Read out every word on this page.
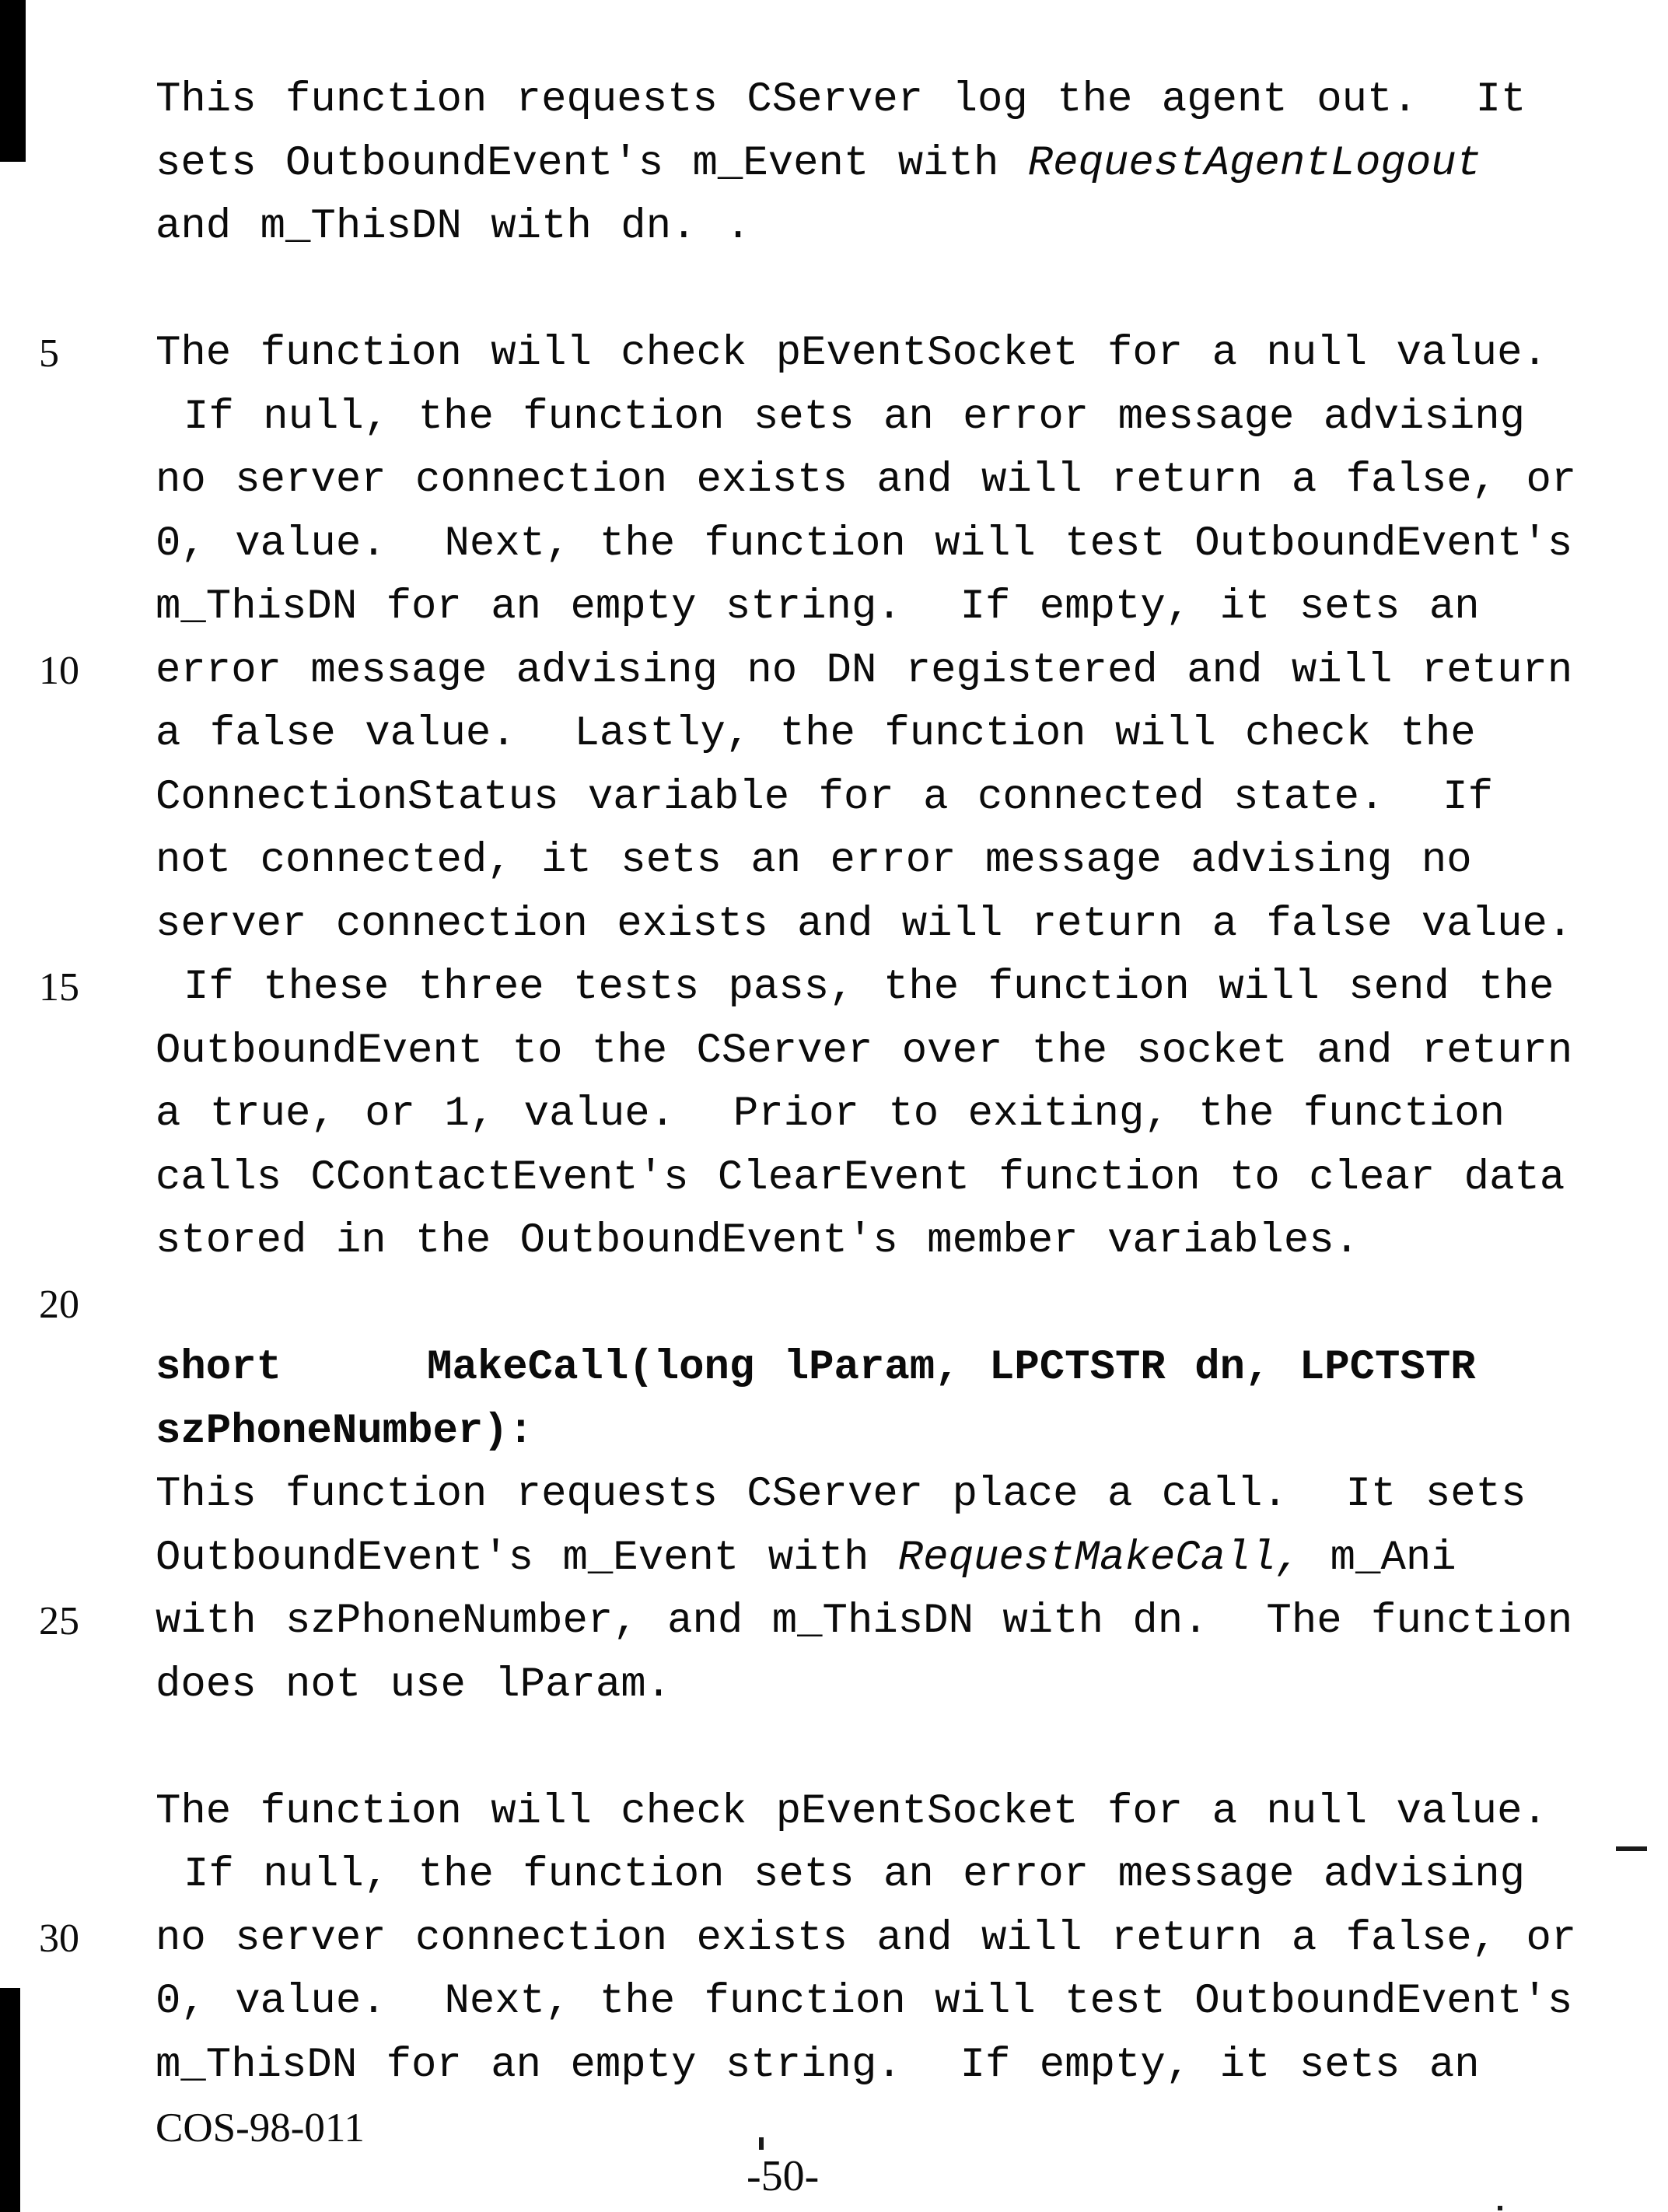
This function requests CServer log the agent out.  It
sets OutboundEvent's m_Event with RequestAgentLogout
and m_ThisDN with dn. .
5 The function will check pEventSocket for a null value.
If null, the function sets an error message advising
no server connection exists and will return a false, or
0, value.  Next, the function will test OutboundEvent's
m_ThisDN for an empty string.  If empty, it sets an
10 error message advising no DN registered and will return
a false value.  Lastly, the function will check the
ConnectionStatus variable for a connected state.  If
not connected, it sets an error message advising no
server connection exists and will return a false value.
15 If these three tests pass, the function will send the
OutboundEvent to the CServer over the socket and return
a true, or 1, value.  Prior to exiting, the function
calls CContactEvent's ClearEvent function to clear data
stored in the OutboundEvent's member variables.
20
short     MakeCall(long lParam, LPCTSTR dn, LPCTSTR
szPhoneNumber):
This function requests CServer place a call.  It sets
OutboundEvent's m_Event with RequestMakeCall, m_Ani
25 with szPhoneNumber, and m_ThisDN with dn.  The function
does not use lParam.
The function will check pEventSocket for a null value.
If null, the function sets an error message advising
30 no server connection exists and will return a false, or
0, value.  Next, the function will test OutboundEvent's
m_ThisDN for an empty string.  If empty, it sets an
COS-98-011
-50-
